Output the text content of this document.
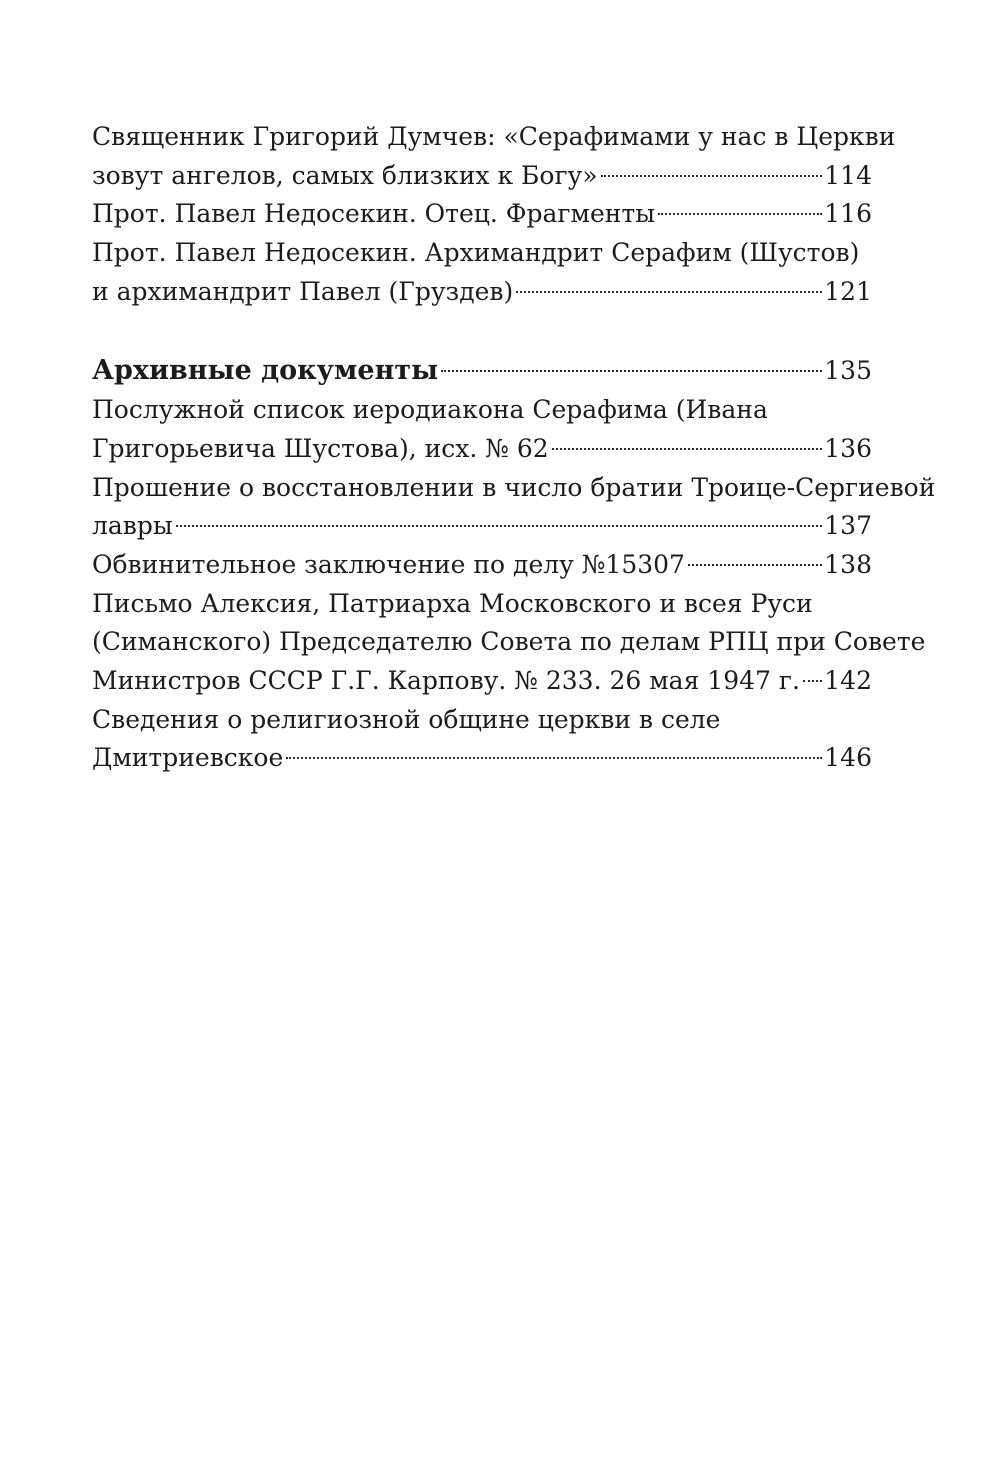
Священник Григорий Думчев: «Серафимами у нас в Церкви
зовут ангелов, самых близких к Богу»	114
Прот. Павел Недосекин. Отец. Фрагменты	116
Прот. Павел Недосекин. Архимандрит Серафим (Шустов)
и архимандрит Павел (Груздев)	121
Архивные документы	135
Послужной список иеродиакона Серафима (Ивана
Григорьевича Шустова), исх. № 62	136
Прошение о восстановлении в число братии Троице-Сергиевой
лавры	137
Обвинительное заключение по делу №15307	138
Письмо Алексия, Патриарха Московского и всея Руси
(Симанского) Председателю Совета по делам РПЦ при Совете
Министров СССР Г.Г. Карпову. № 233. 26 мая 1947 г. 142
Сведения о религиозной общине церкви в селе
Дмитриевское	146
